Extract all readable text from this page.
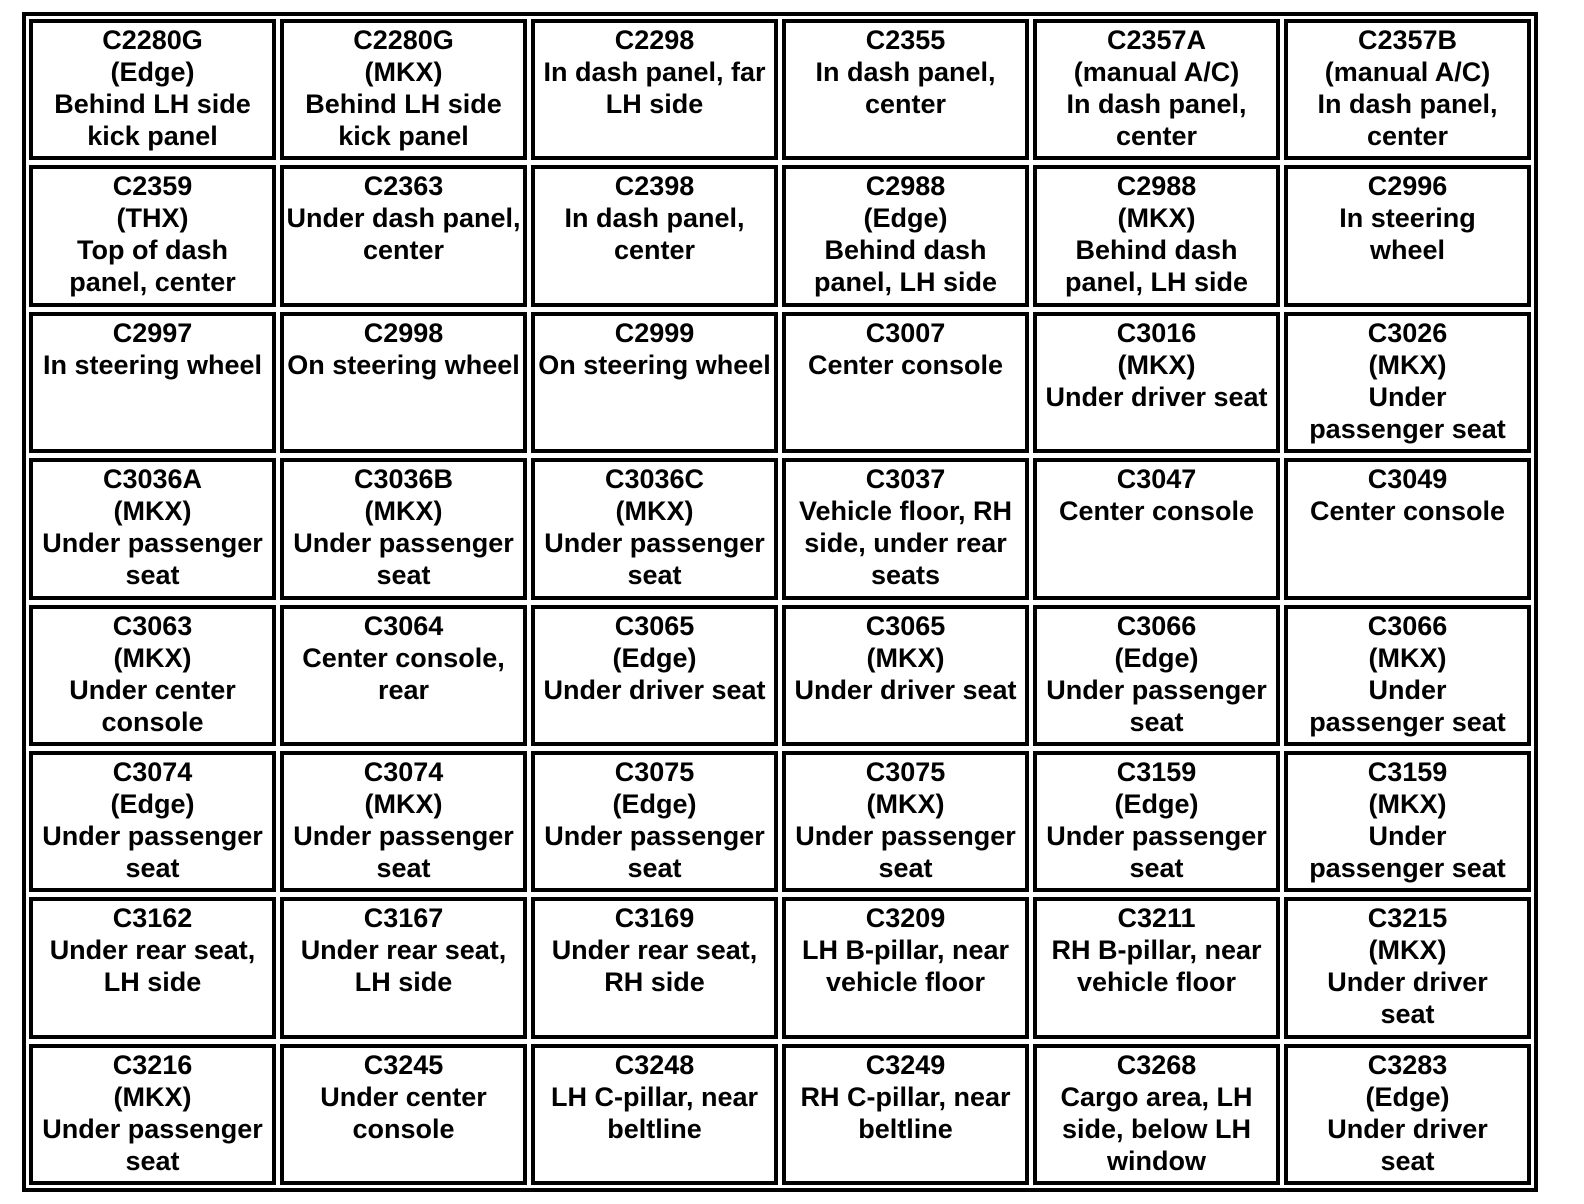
C2280G
(Edge)
Behind LH side
kick panel
C2280G
(MKX)
Behind LH side
kick panel
C2298
In dash panel, far
LH side
C2355
In dash panel,
center
C2357A
(manual A/C)
In dash panel,
center
C2357B
(manual A/C)
In dash panel,
center
C2359
(THX)
Top of dash
panel, center
C2363
Under dash panel,
center
C2398
In dash panel,
center
C2988
(Edge)
Behind dash
panel, LH side
C2988
(MKX)
Behind dash
panel, LH side
C2996
In steering
wheel
C2997
In steering wheel
C2998
On steering wheel
C2999
On steering wheel
C3007
Center console
C3016
(MKX)
Under driver seat
C3026
(MKX)
Under
passenger seat
C3036A
(MKX)
Under passenger
seat
C3036B
(MKX)
Under passenger
seat
C3036C
(MKX)
Under passenger
seat
C3037
Vehicle floor, RH
side, under rear
seats
C3047
Center console
C3049
Center console
C3063
(MKX)
Under center
console
C3064
Center console,
rear
C3065
(Edge)
Under driver seat
C3065
(MKX)
Under driver seat
C3066
(Edge)
Under passenger
seat
C3066
(MKX)
Under
passenger seat
C3074
(Edge)
Under passenger
seat
C3074
(MKX)
Under passenger
seat
C3075
(Edge)
Under passenger
seat
C3075
(MKX)
Under passenger
seat
C3159
(Edge)
Under passenger
seat
C3159
(MKX)
Under
passenger seat
C3162
Under rear seat,
LH side
C3167
Under rear seat,
LH side
C3169
Under rear seat,
RH side
C3209
LH B-pillar, near
vehicle floor
C3211
RH B-pillar, near
vehicle floor
C3215
(MKX)
Under driver
seat
C3216
(MKX)
Under passenger
seat
C3245
Under center
console
C3248
LH C-pillar, near
beltline
C3249
RH C-pillar, near
beltline
C3268
Cargo area, LH
side, below LH
window
C3283
(Edge)
Under driver
seat
